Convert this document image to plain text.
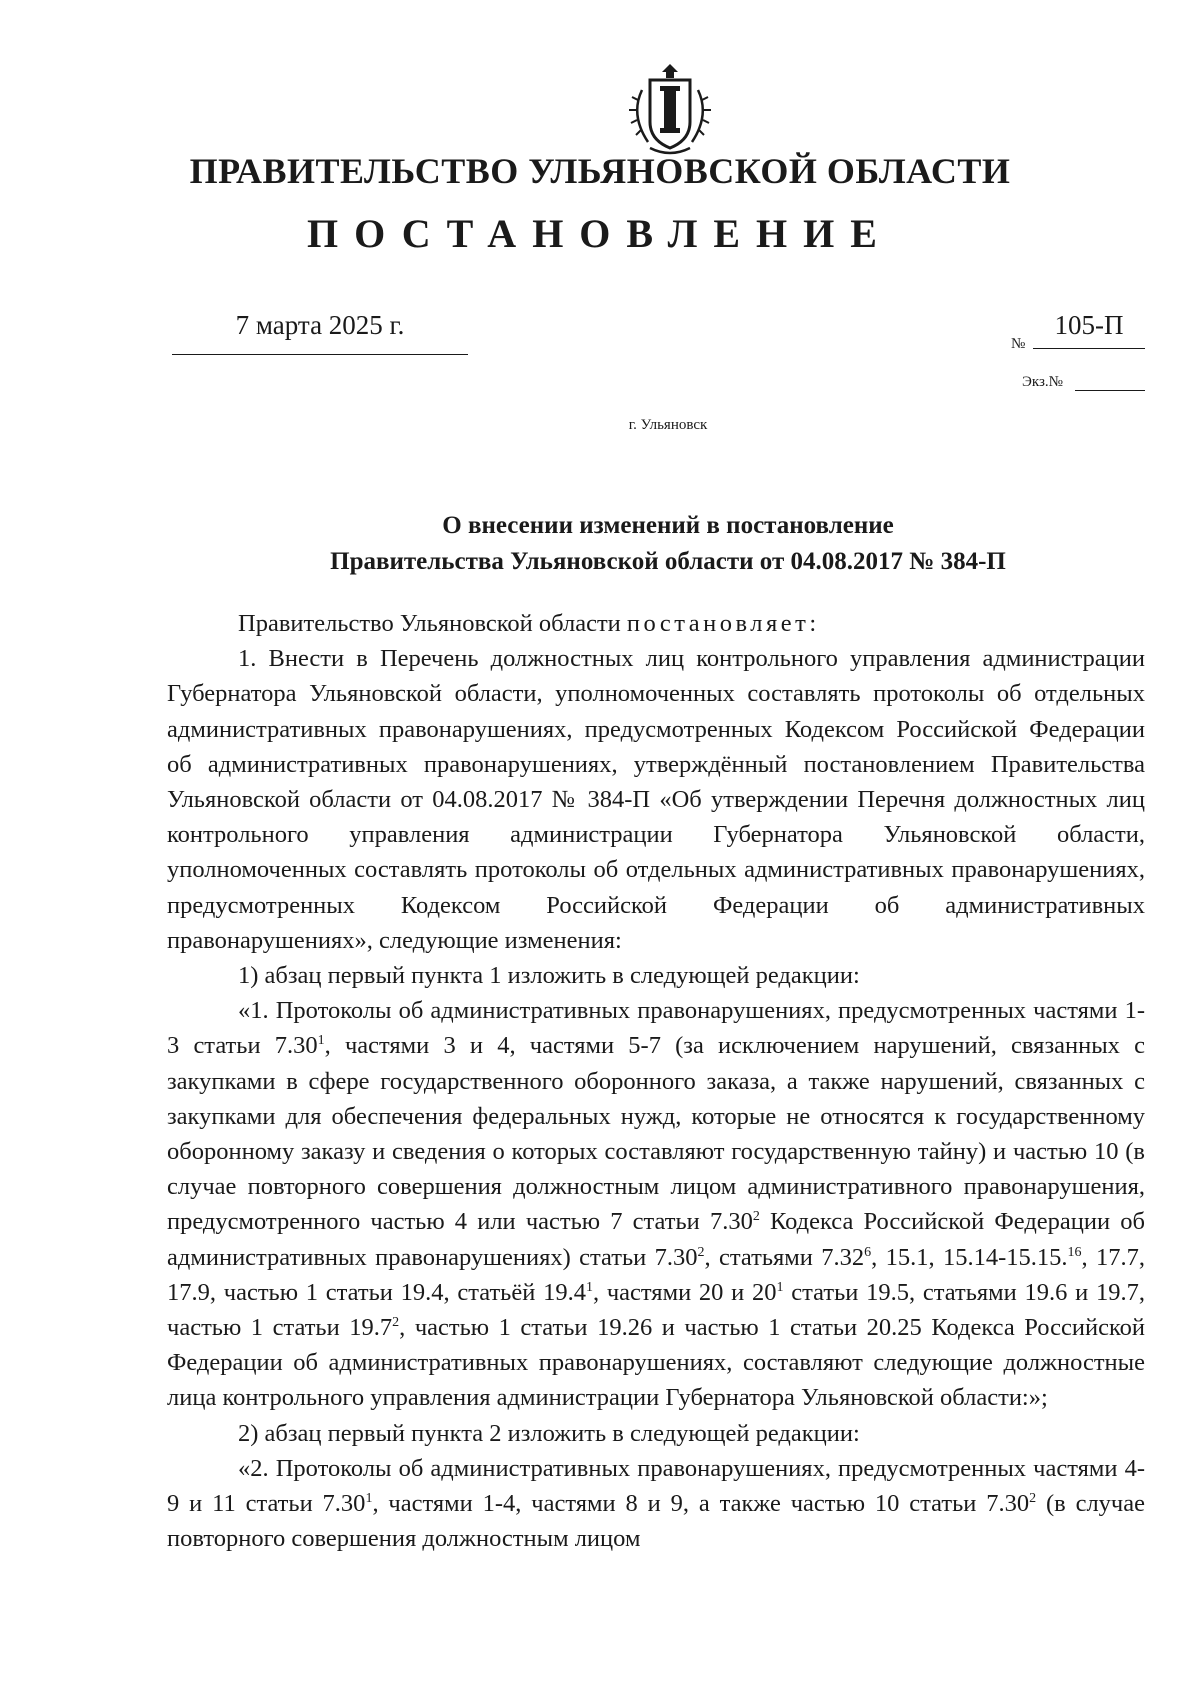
ПРАВИТЕЛЬСТВО УЛЬЯНОВСКОЙ ОБЛАСТИ
ПОСТАНОВЛЕНИЕ
7 марта 2025 г.
№
105-П
Экз.№
г. Ульяновск
О внесении изменений в постановление
Правительства Ульяновской области от 04.08.2017 № 384-П

Правительство Ульяновской области постановляет:

1. Внести в Перечень должностных лиц контрольного управления администрации Губернатора Ульяновской области, уполномоченных составлять протоколы об отдельных административных правонарушениях, предусмотренных Кодексом Российской Федерации об административных правонарушениях, утверждённый постановлением Правительства Ульяновской области от 04.08.2017 № 384-П «Об утверждении Перечня должностных лиц контрольного управления администрации Губернатора Ульяновской области, уполномоченных составлять протоколы об отдельных административных правонарушениях, предусмотренных Кодексом Российской Федерации об административных правонарушениях», следующие изменения:

1) абзац первый пункта 1 изложить в следующей редакции:

«1. Протоколы об административных правонарушениях, предусмотренных частями 1-3 статьи 7.30$^1$, частями 3 и 4, частями 5-7 (за исключением нарушений, связанных с закупками в сфере государственного оборонного заказа, а также нарушений, связанных с закупками для обеспечения федеральных нужд, которые не относятся к государственному оборонному заказу и сведения о которых составляют государственную тайну) и частью 10 (в случае повторного совершения должностным лицом административного правонарушения, предусмотренного частью 4 или частью 7 статьи 7.30$^2$ Кодекса Российской Федерации об административных правонарушениях) статьи 7.30$^2$, статьями 7.32$^6$, 15.1, 15.14-15.15.16, 17.7, 17.9, частью 1 статьи 19.4, статьёй 19.4$^1$, частями 20 и $20^1$ статьи 19.5, статьями 19.6 и 19.7, частью 1 статьи 19.7$^2$, частью 1 статьи 19.26 и частью 1 статьи 20.25 Кодекса Российской Федерации об административных правонарушениях, составляют следующие должностные лица контрольного управления администрации Губернатора Ульяновской области:»;

2) абзац первый пункта 2 изложить в следующей редакции:

«2. Протоколы об административных правонарушениях, предусмотренных частями 4-9 и 11 статьи 7.30$^1$, частями 1-4, частями 8 и 9, а также частью 10 статьи 7.30$^2$ (в случае повторного совершения должностным лицом
